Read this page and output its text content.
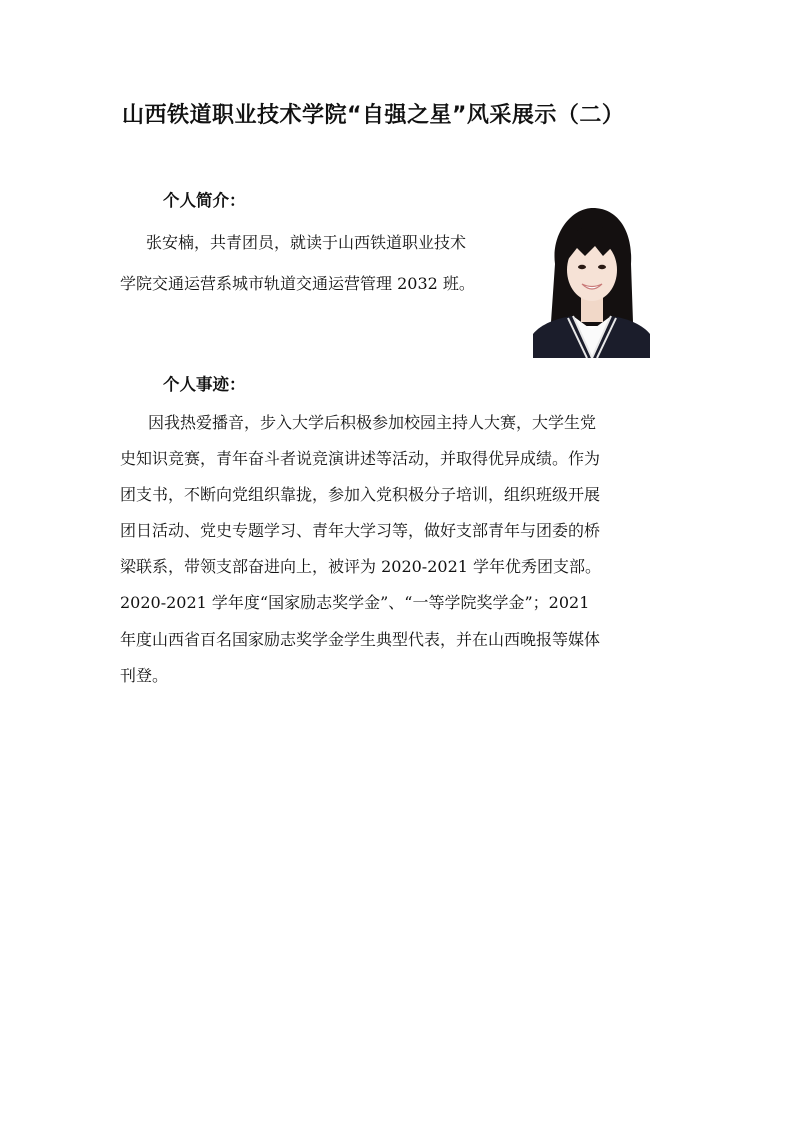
山西铁道职业技术学院“自强之星”风采展示（二）
个人简介：
张安楠，共青团员，就读于山西铁道职业技术
学院交通运营系城市轨道交通运营管理 2032 班。
个人事迹：
因我热爱播音，步入大学后积极参加校园主持人大赛，大学生党
史知识竞赛，青年奋斗者说竞演讲述等活动，并取得优异成绩。作为
团支书，不断向党组织靠拢，参加入党积极分子培训，组织班级开展
团日活动、党史专题学习、青年大学习等，做好支部青年与团委的桥
梁联系，带领支部奋进向上，被评为 2020-2021 学年优秀团支部。
2020-2021 学年度“国家励志奖学金”、“一等学院奖学金”；2021
年度山西省百名国家励志奖学金学生典型代表，并在山西晚报等媒体
刊登。
